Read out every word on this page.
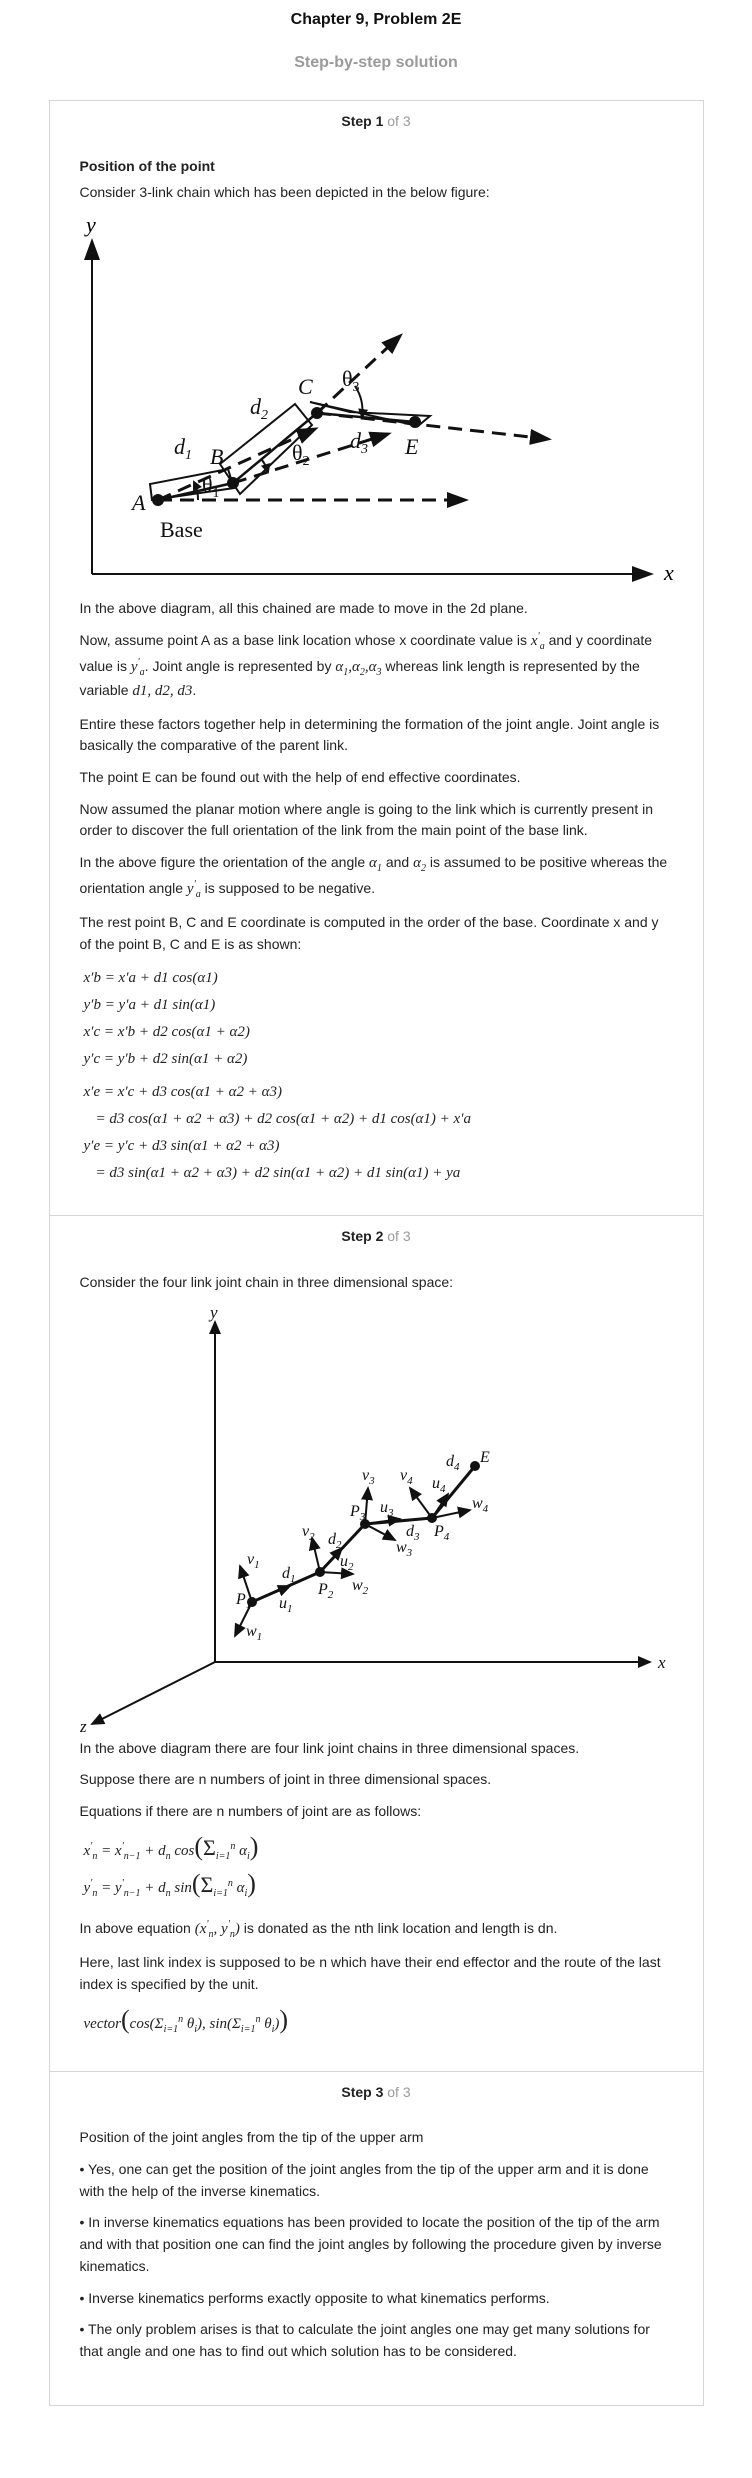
Chapter 9, Problem 2E
Step-by-step solution
Step 1 of 3

Position of the point

Consider 3-link chain which has been depicted in the below figure:

y
x
A
B
C
E
Base
$d_1$
$d_2$
$d_3$
$\theta_1$
$\theta_2$
$\theta_3$

In the above diagram, all this chained are made to move in the 2d plane.

Now, assume point A as a base link location whose x coordinate value is $x'_a$ and y coordinate value is $y'_a$. Joint angle is represented by $\alpha_1,\alpha_2,\alpha_3$ whereas link length is represented by the variable d1, d2, d3.

Entire these factors together help in determining the formation of the joint angle. Joint angle is basically the comparative of the parent link.

The point E can be found out with the help of end effective coordinates.

Now assumed the planar motion where angle is going to the link which is currently present in order to discover the full orientation of the link from the main point of the base link.

In the above figure the orientation of the angle $\alpha_1$ and $\alpha_2$ is assumed to be positive whereas the orientation angle $y'_a$ is supposed to be negative.

The rest point B, C and E coordinate is computed in the order of the base. Coordinate x and y of the point B, C and E is as shown:

x′b = x′a + d1 cos(α1)
y′b = y′a + d1 sin(α1)
x′c = x′b + d2 cos(α1 + α2)
y′c = y′b + d2 sin(α1 + α2)
x′e = x′c + d3 cos(α1 + α2 + α3)
= d3 cos(α1 + α2 + α3) + d2 cos(α1 + α2) + d1 cos(α1) + x′a
y′e = y′c + d3 sin(α1 + α2 + α3)
= d3 sin(α1 + α2 + α3) + d2 sin(α1 + α2) + d1 sin(α1) + ya
Step 2 of 3

Consider the four link joint chain in three dimensional space:

y
x
z
E
$P_1$
$P_2$
$P_3$
$P_4$
$v_1$
$w_1$
$u_1$
$d_1$
$v_2$
$u_2$
$w_2$
$d_2$
$v_3$
$u_3$
$w_3$
$d_3$
$v_4$ $u_4$
$w_4$
$d_4$

In the above diagram there are four link joint chains in three dimensional spaces.

Suppose there are n numbers of joint in three dimensional spaces.

Equations if there are n numbers of joint are as follows:

$x'_n = x'_{n-1} + d_n$ $\cos(\Sigma_{i=1}^n$ $\alpha_i$)
$y'_n = y'_{n-1} + d_n$ $\sin(\Sigma_{i=1}^n$ $\alpha_i$)

In above equation ($x'_n$, $y'_n$) is donated as the nth link location and length is dn.

Here, last link index is supposed to be n which have their end effector and the route of the last index is specified by the unit.

$vector(\cos(\Sigma_{i=1}^n$ $\theta_i$), $\sin(\Sigma_{i=1}^n$ $\theta_i$))
Step 3 of 3

Position of the joint angles from the tip of the upper arm

• Yes, one can get the position of the joint angles from the tip of the upper arm and it is done with the help of the inverse kinematics.

• In inverse kinematics equations has been provided to locate the position of the tip of the arm and with that position one can find the joint angles by following the procedure given by inverse kinematics.

• Inverse kinematics performs exactly opposite to what kinematics performs.

• The only problem arises is that to calculate the joint angles one may get many solutions for that angle and one has to find out which solution has to be considered.
